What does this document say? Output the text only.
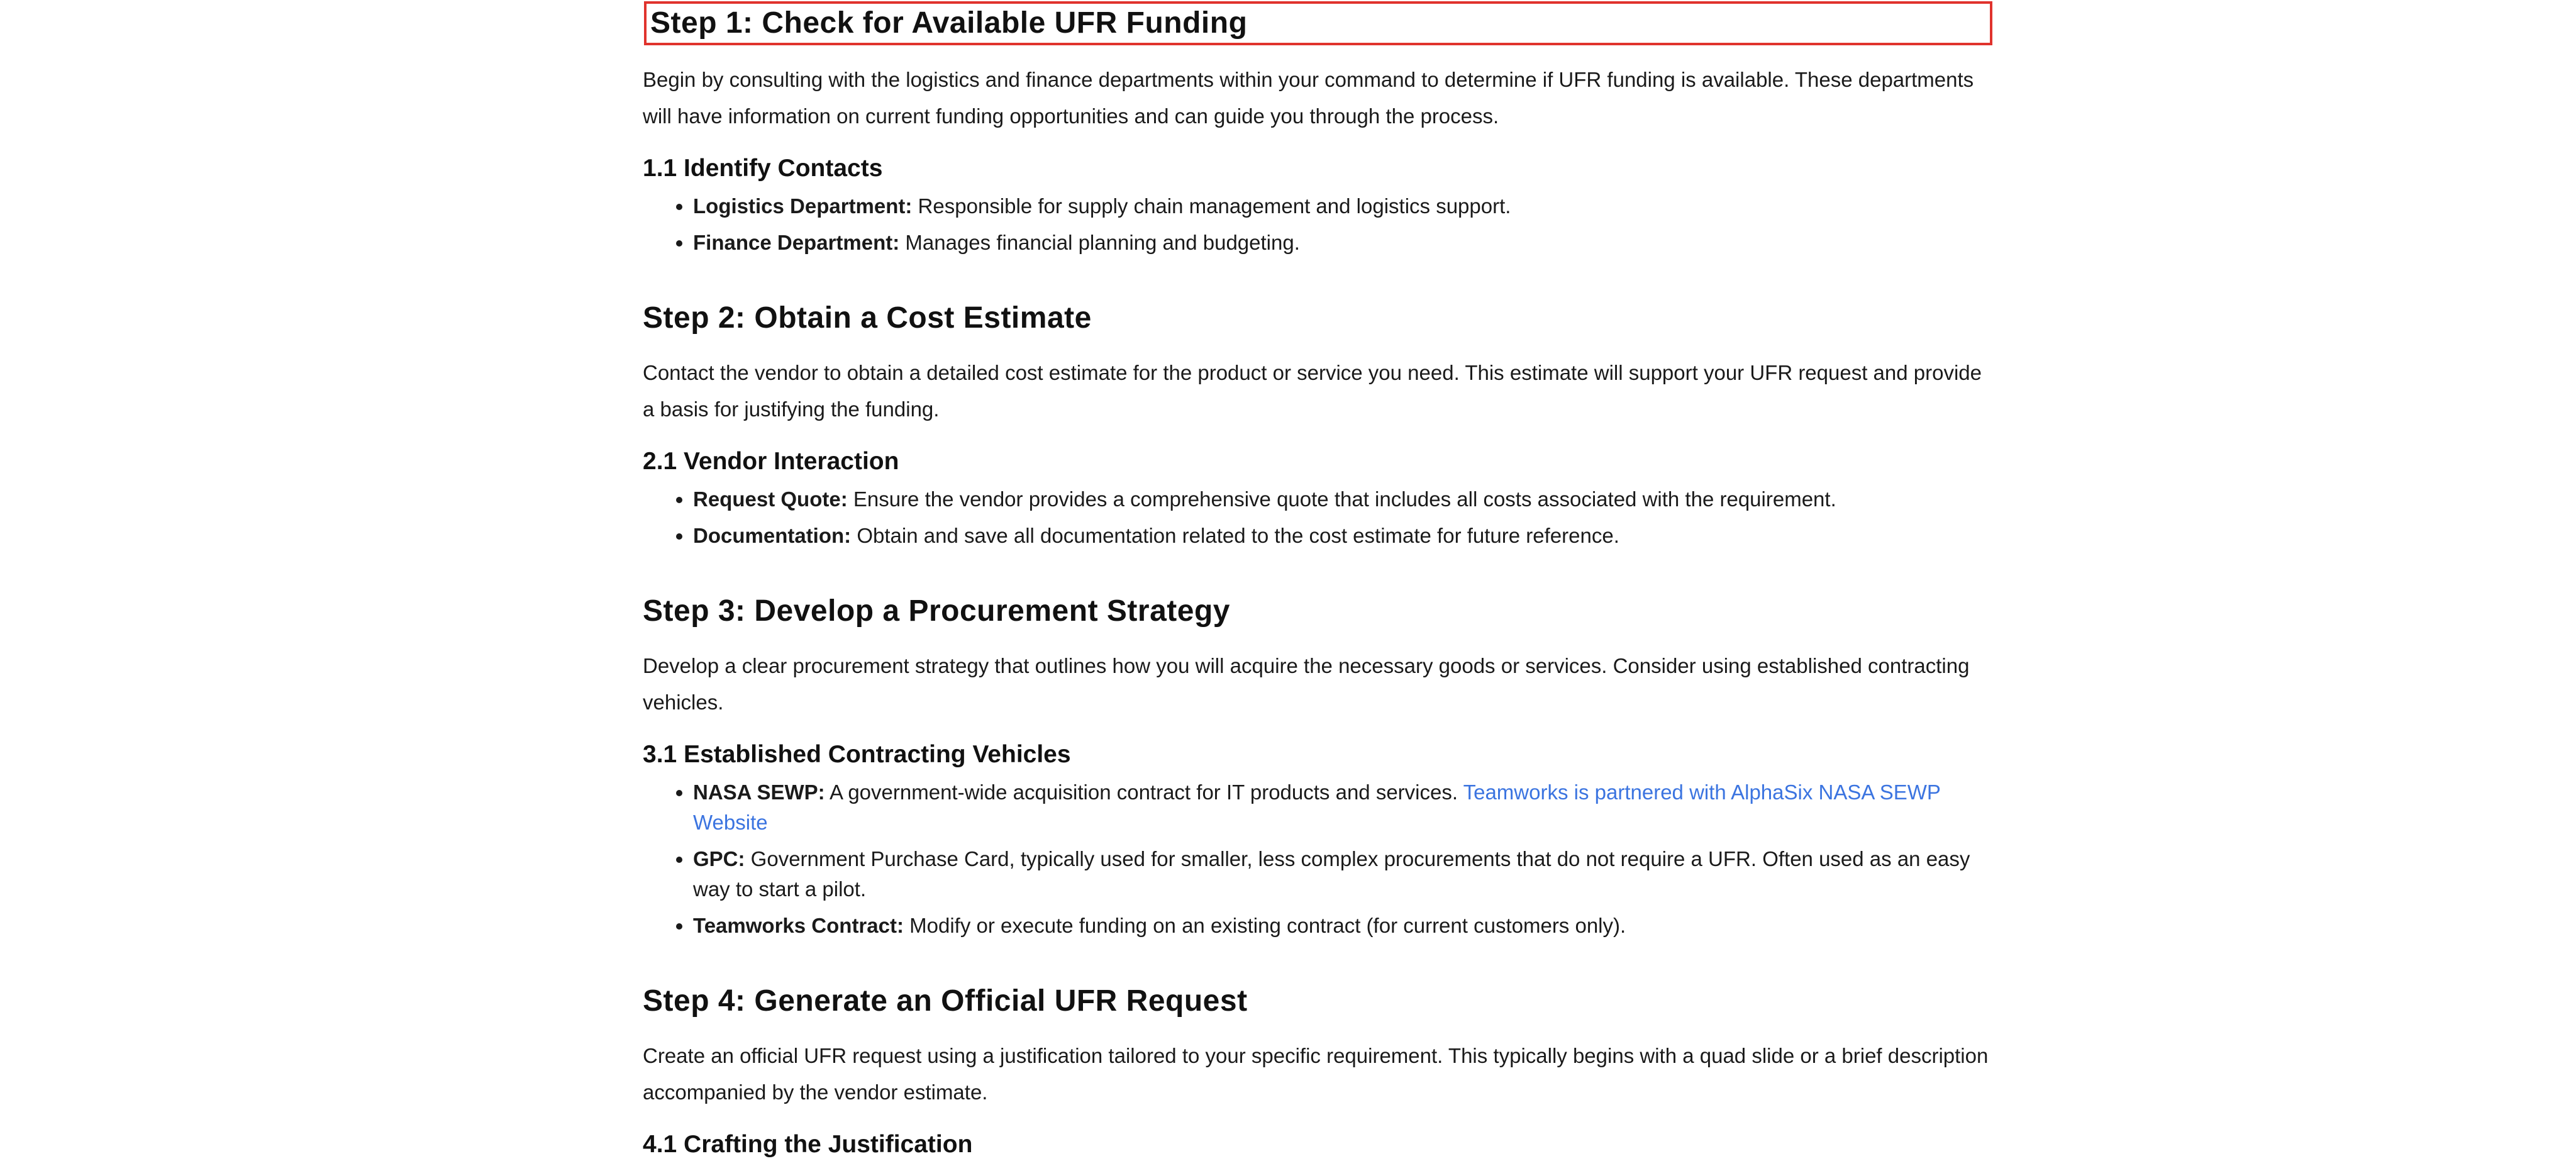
Step 1: Check for Available UFR Funding

Begin by consulting with the logistics and finance departments within your command to determine if UFR funding is available. These departments will have information on current funding opportunities and can guide you through the process.

1.1 Identify Contacts
• Logistics Department: Responsible for supply chain management and logistics support.
• Finance Department: Manages financial planning and budgeting.
Step 2: Obtain a Cost Estimate

Contact the vendor to obtain a detailed cost estimate for the product or service you need. This estimate will support your UFR request and provide a basis for justifying the funding.

2.1 Vendor Interaction
• Request Quote: Ensure the vendor provides a comprehensive quote that includes all costs associated with the requirement.
• Documentation: Obtain and save all documentation related to the cost estimate for future reference.
Step 3: Develop a Procurement Strategy

Develop a clear procurement strategy that outlines how you will acquire the necessary goods or services. Consider using established contracting vehicles.

3.1 Established Contracting Vehicles
• NASA SEWP: A government-wide acquisition contract for IT products and services. Teamworks is partnered with AlphaSix NASA SEWP Website
• GPC: Government Purchase Card, typically used for smaller, less complex procurements that do not require a UFR. Often used as an easy way to start a pilot.
• Teamworks Contract: Modify or execute funding on an existing contract (for current customers only).
Step 4: Generate an Official UFR Request

Create an official UFR request using a justification tailored to your specific requirement. This typically begins with a quad slide or a brief description accompanied by the vendor estimate.

4.1 Crafting the Justification
